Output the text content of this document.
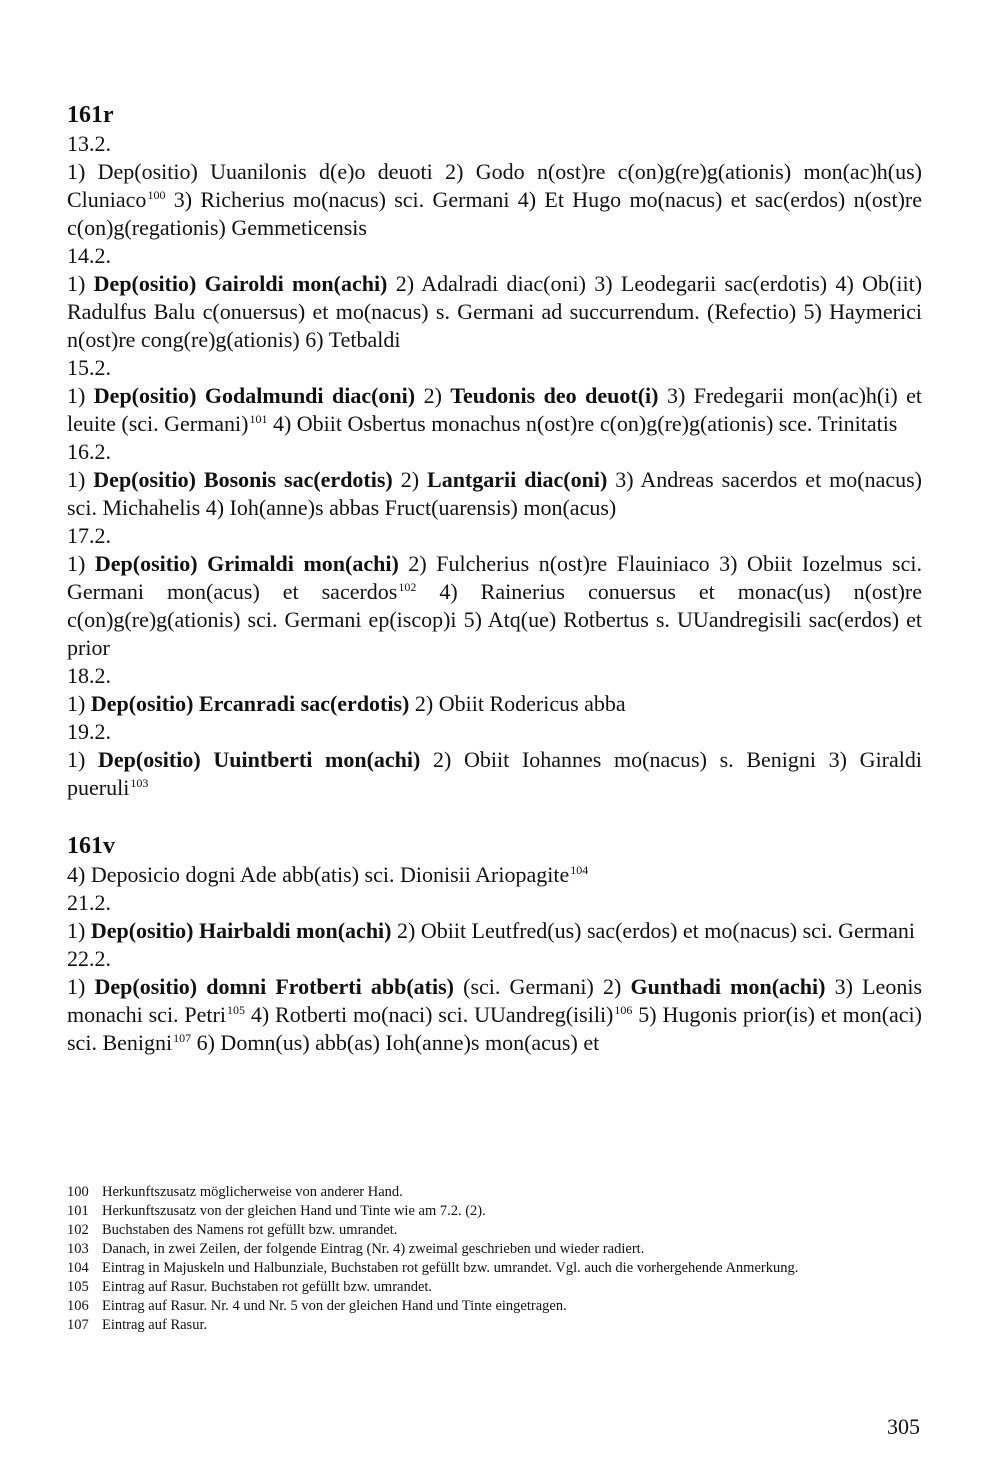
161r
13.2.
1) Dep(ositio) Uuanilonis d(e)o deuoti 2) Godo n(ost)re c(on)g(re)g(ationis) mon(ac)h(us) Cluniaco$^{100}$ 3) Richerius mo(nacus) sci. Germani 4) Et Hugo mo(nacus) et sac(erdos) n(ost)re c(on)g(regationis) Gemmeticensis
14.2.
1) Dep(ositio) Gairoldi mon(achi) 2) Adalradi diac(oni) 3) Leodegarii sac(erdotis) 4) Ob(iit) Radulfus Balu c(onuersus) et mo(nacus) s. Germani ad succurrendum. (Refectio) 5) Haymerici n(ost)re cong(re)g(ationis) 6) Tetbaldi
15.2.
1) Dep(ositio) Godalmundi diac(oni) 2) Teudonis deo deuot(i) 3) Fredegarii mon(ac)h(i) et leuite (sci. Germani)$^{101}$ 4) Obiit Osbertus monachus n(ost)re c(on)g(re)g(ationis) sce. Trinitatis
16.2.
1) Dep(ositio) Bosonis sac(erdotis) 2) Lantgarii diac(oni) 3) Andreas sacerdos et mo(nacus) sci. Michahelis 4) Ioh(anne)s abbas Fruct(uarensis) mon(acus)
17.2.
1) Dep(ositio) Grimaldi mon(achi) 2) Fulcherius n(ost)re Flauiniaco 3) Obiit Iozelmus sci. Germani mon(acus) et sacerdos$^{102}$ 4) Rainerius conuersus et monac(us) n(ost)re c(on)g(re)g(ationis) sci. Germani ep(iscop)i 5) Atq(ue) Rotbertus s. UUandregisili sac(erdos) et prior
18.2.
1) Dep(ositio) Ercanradi sac(erdotis) 2) Obiit Rodericus abba
19.2.
1) Dep(ositio) Uuintberti mon(achi) 2) Obiit Iohannes mo(nacus) s. Benigni 3) Giraldi pueruli$^{103}$
161v
4) Deposicio dogni Ade abb(atis) sci. Dionisii Ariopagite$^{104}$
21.2.
1) Dep(ositio) Hairbaldi mon(achi) 2) Obiit Leutfred(us) sac(erdos) et mo(nacus) sci. Germani
22.2.
1) Dep(ositio) domni Frotberti abb(atis) (sci. Germani) 2) Gunthadi mon(achi) 3) Leonis monachi sci. Petri$^{105}$ 4) Rotberti mo(naci) sci. UUandreg(isili)$^{106}$ 5) Hugonis prior(is) et mon(aci) sci. Benigni$^{107}$ 6) Domn(us) abb(as) Ioh(anne)s mon(acus) et
100 Herkunftszusatz möglicherweise von anderer Hand.
101 Herkunftszusatz von der gleichen Hand und Tinte wie am 7.2. (2).
102 Buchstaben des Namens rot gefüllt bzw. umrandet.
103 Danach, in zwei Zeilen, der folgende Eintrag (Nr. 4) zweimal geschrieben und wieder radiert.
104 Eintrag in Majuskeln und Halbunziale, Buchstaben rot gefüllt bzw. umrandet. Vgl. auch die vorhergehende Anmerkung.
105 Eintrag auf Rasur. Buchstaben rot gefüllt bzw. umrandet.
106 Eintrag auf Rasur. Nr. 4 und Nr. 5 von der gleichen Hand und Tinte eingetragen.
107 Eintrag auf Rasur.
305
